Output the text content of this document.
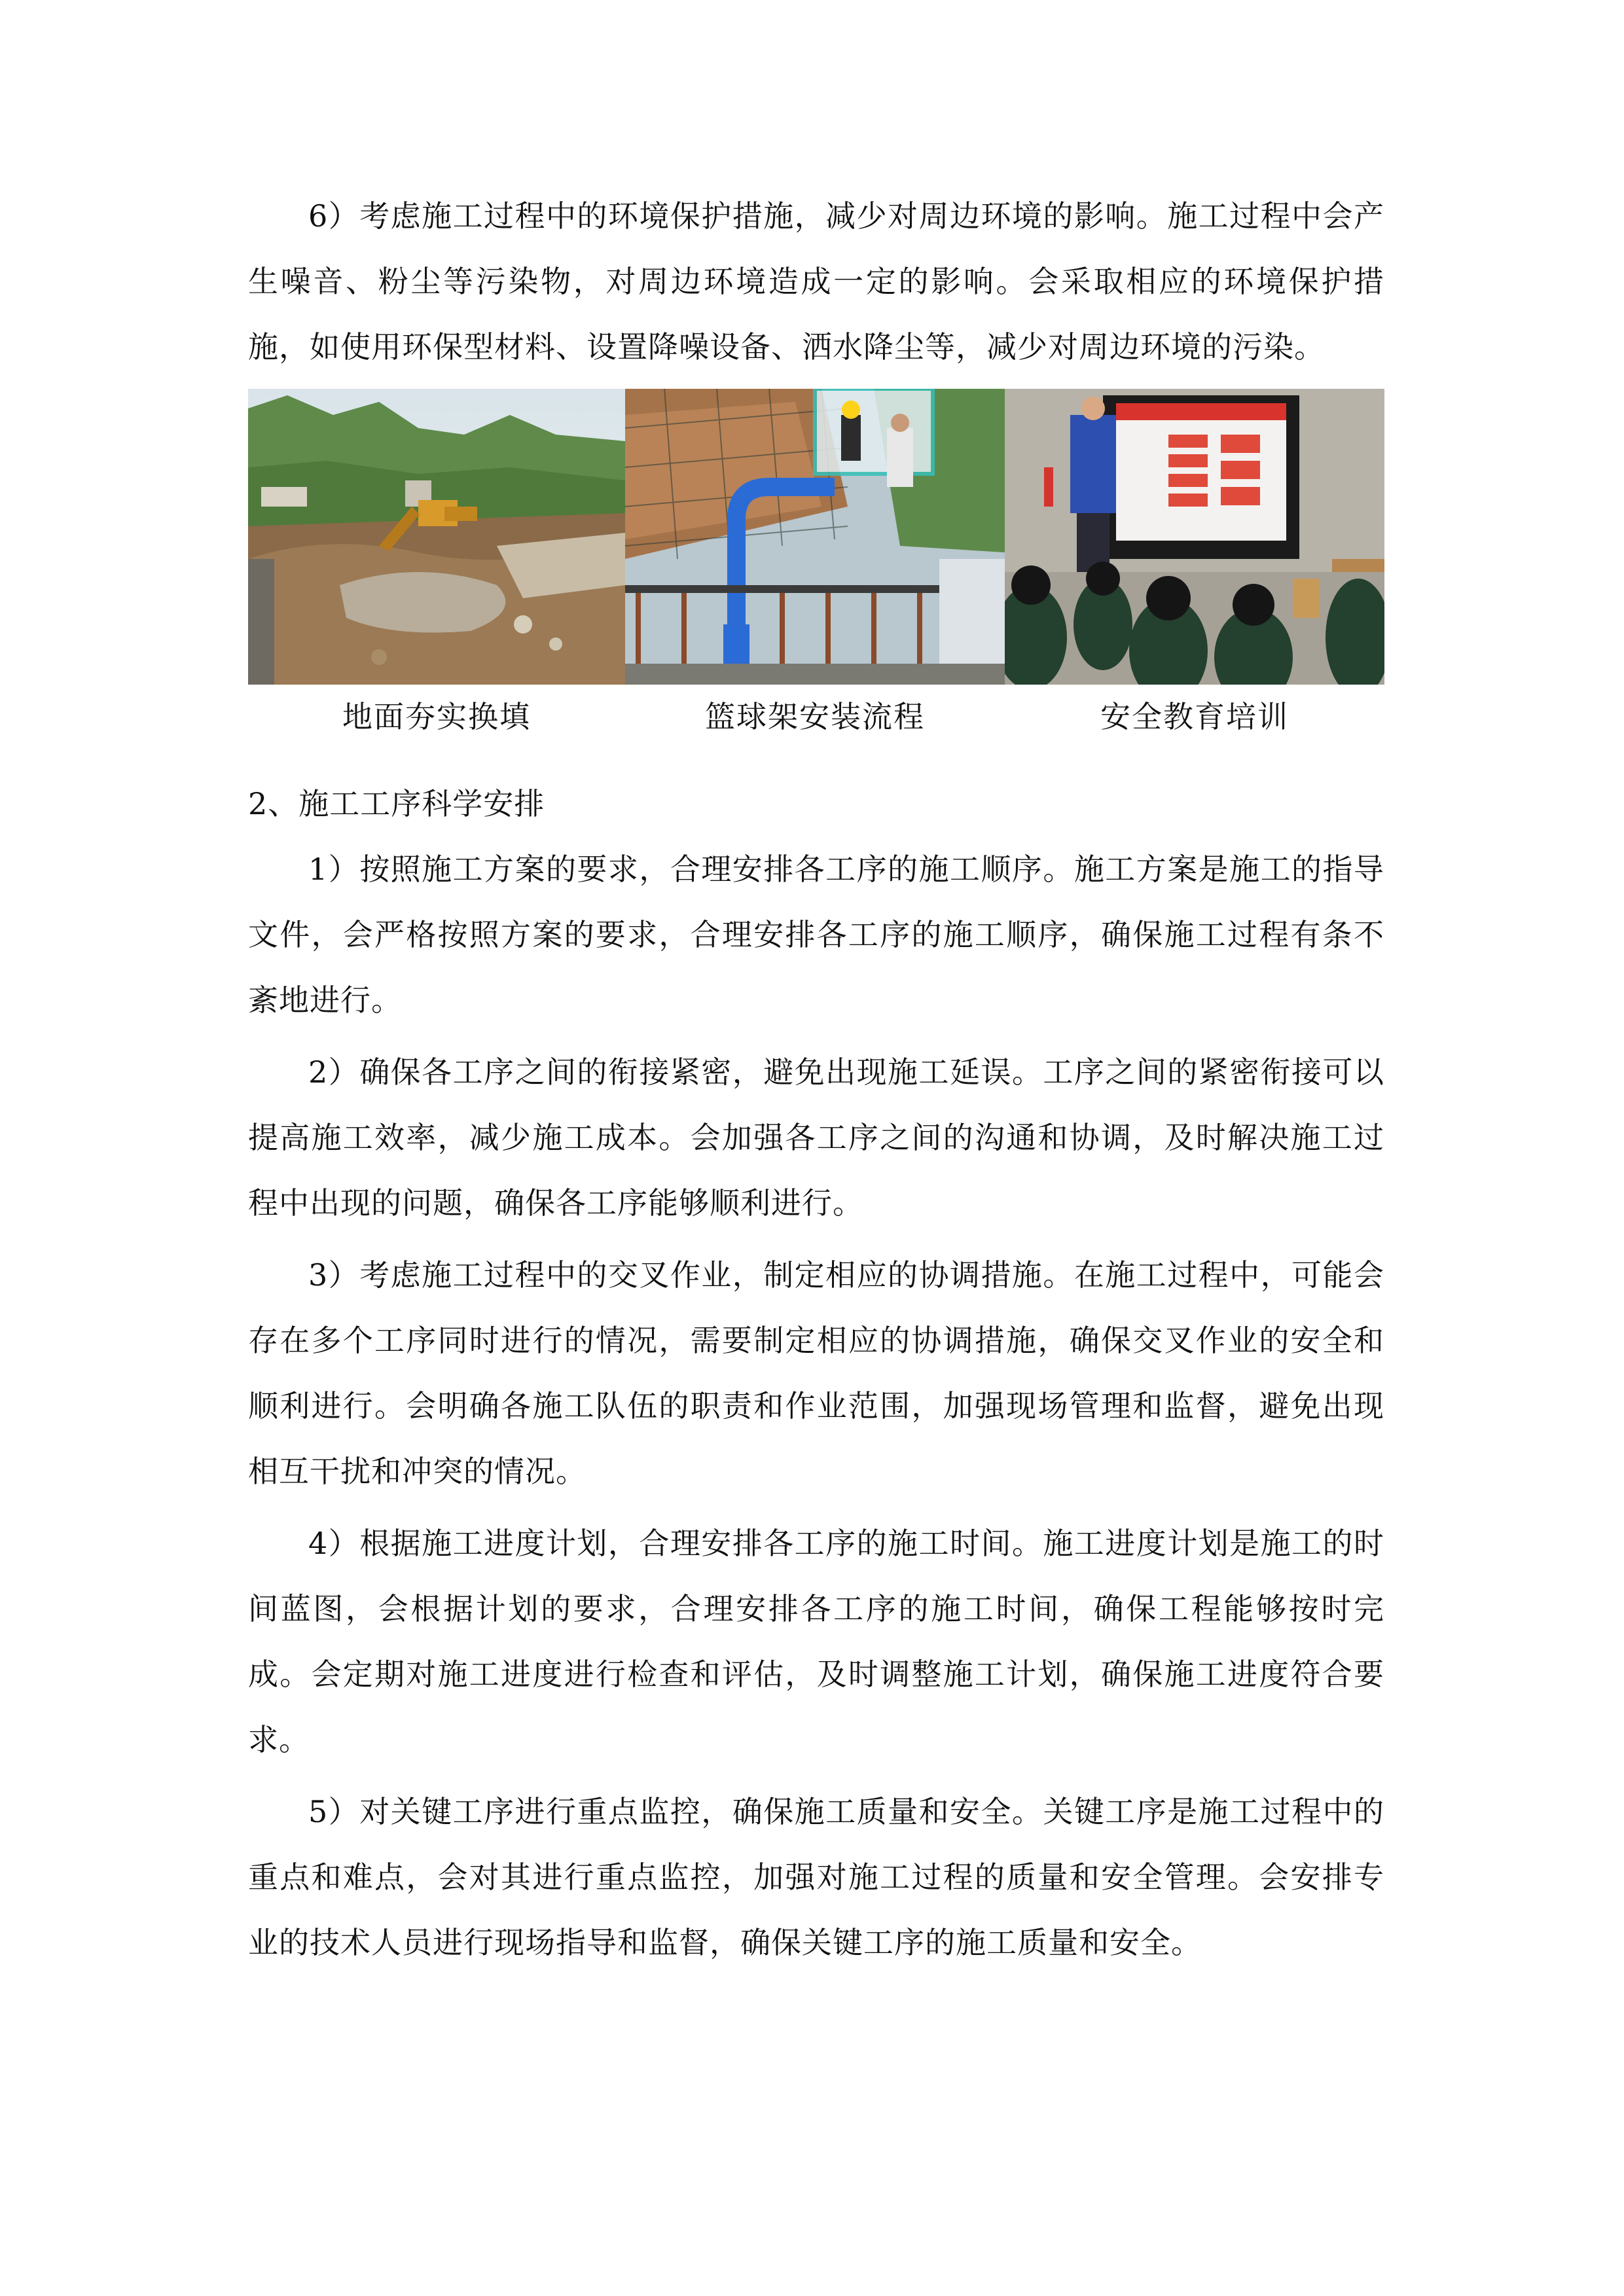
6）考虑施工过程中的环境保护措施，减少对周边环境的影响。施工过程中会产生噪音、粉尘等污染物，对周边环境造成一定的影响。会采取相应的环境保护措施，如使用环保型材料、设置降噪设备、洒水降尘等，减少对周边环境的污染。

地面夯实换填	篮球架安装流程	安全教育培训

2、施工工序科学安排

1）按照施工方案的要求，合理安排各工序的施工顺序。施工方案是施工的指导文件，会严格按照方案的要求，合理安排各工序的施工顺序，确保施工过程有条不紊地进行。

2）确保各工序之间的衔接紧密，避免出现施工延误。工序之间的紧密衔接可以提高施工效率，减少施工成本。会加强各工序之间的沟通和协调，及时解决施工过程中出现的问题，确保各工序能够顺利进行。

3）考虑施工过程中的交叉作业，制定相应的协调措施。在施工过程中，可能会存在多个工序同时进行的情况，需要制定相应的协调措施，确保交叉作业的安全和顺利进行。会明确各施工队伍的职责和作业范围，加强现场管理和监督，避免出现相互干扰和冲突的情况。

4）根据施工进度计划，合理安排各工序的施工时间。施工进度计划是施工的时间蓝图，会根据计划的要求，合理安排各工序的施工时间，确保工程能够按时完成。会定期对施工进度进行检查和评估，及时调整施工计划，确保施工进度符合要求。

5）对关键工序进行重点监控，确保施工质量和安全。关键工序是施工过程中的重点和难点，会对其进行重点监控，加强对施工过程的质量和安全管理。会安排专业的技术人员进行现场指导和监督，确保关键工序的施工质量和安全。
